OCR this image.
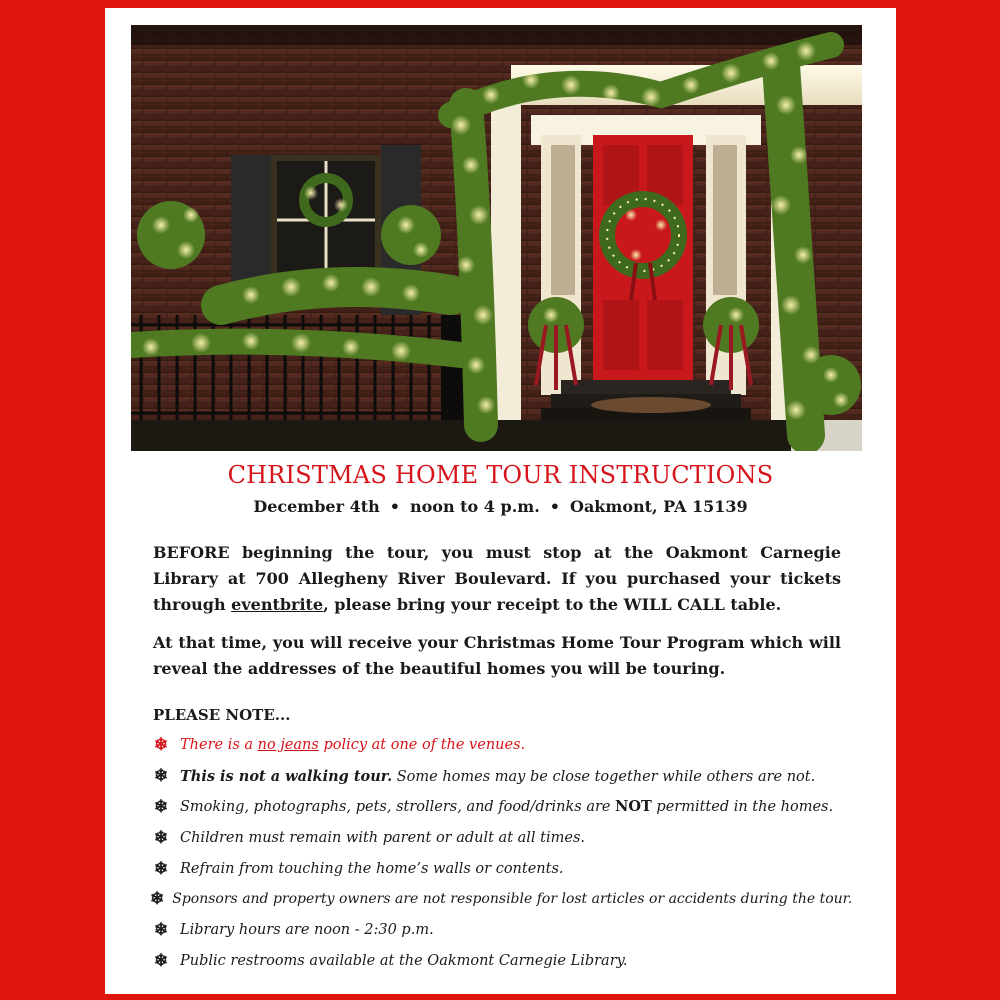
CHRISTMAS HOME TOUR INSTRUCTIONS
December 4th • noon to 4 p.m. • Oakmont, PA 15139
BEFORE beginning the tour, you must stop at the Oakmont Carnegie Library at 700 Allegheny River Boulevard. If you purchased your tickets through eventbrite, please bring your receipt to the WILL CALL table.
At that time, you will receive your Christmas Home Tour Program which will reveal the addresses of the beautiful homes you will be touring.
PLEASE NOTE...
❄ There is a no jeans policy at one of the venues.
❄ This is not a walking tour. Some homes may be close together while others are not.
❄ Smoking, photographs, pets, strollers, and food/drinks are NOT permitted in the homes.
❄ Children must remain with parent or adult at all times.
❄ Refrain from touching the home’s walls or contents.
❄ Sponsors and property owners are not responsible for lost articles or accidents during the tour.
❄ Library hours are noon - 2:30 p.m.
❄ Public restrooms available at the Oakmont Carnegie Library.
